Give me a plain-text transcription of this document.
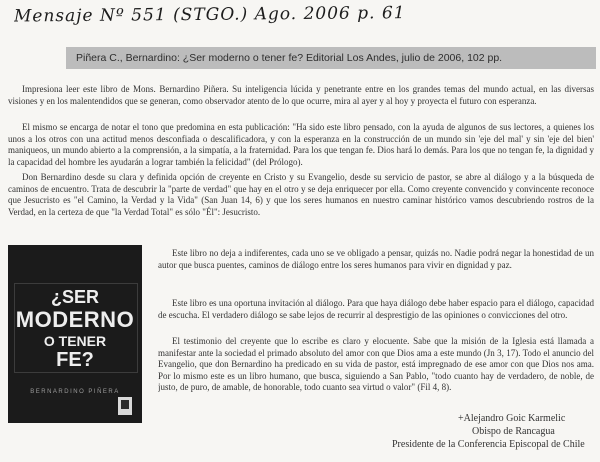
Mensaje Nº 551 (STGO.) Ago. 2006 p. 61
Piñera C., Bernardino: ¿Ser moderno o tener fe? Editorial Los Andes, julio de 2006, 102 pp.

Impresiona leer este libro de Mons. Bernardino Piñera. Su inteligencia lúcida y penetrante entre en los grandes temas del mundo actual, en las diversas visiones y en los malentendidos que se generan, como observador atento de lo que ocurre, mira al ayer y al hoy y proyecta el futuro con esperanza.

El mismo se encarga de notar el tono que predomina en esta publicación: "Ha sido este libro pensado, con la ayuda de algunos de sus lectores, a quienes los unos a los otros con una actitud menos desconfiada o descalificadora, y con la esperanza en la construcción de un mundo sin 'eje del mal' y sin 'eje del bien' maniqueos, un mundo abierto a la comprensión, a la simpatía, a la fraternidad. Para los que tengan fe. Dios hará lo demás. Para los que no tengan fe, la dignidad y la capacidad del hombre les ayudarán a lograr también la felicidad" (del Prólogo).

Don Bernardino desde su clara y definida opción de creyente en Cristo y su Evangelio, desde su servicio de pastor, se abre al diálogo y a la búsqueda de caminos de encuentro. Trata de descubrir la "parte de verdad" que hay en el otro y se deja enriquecer por ella. Como creyente convencido y convincente reconoce que Jesucristo es "el Camino, la Verdad y la Vida" (San Juan 14, 6) y que los seres humanos en nuestro caminar histórico vamos descubriendo rostros de la Verdad, en la certeza de que "la Verdad Total" es sólo "Él": Jesucristo.

¿SER
MODERNO
O TENER
FE?
BERNARDINO PIÑERA

Este libro no deja a indiferentes, cada uno se ve obligado a pensar, quizás no. Nadie podrá negar la honestidad de un autor que busca puentes, caminos de diálogo entre los seres humanos para vivir en dignidad y paz.

Este libro es una oportuna invitación al diálogo. Para que haya diálogo debe haber espacio para el diálogo, capacidad de escucha. El verdadero diálogo se sabe lejos de recurrir al desprestigio de las opiniones o convicciones del otro.

El testimonio del creyente que lo escribe es claro y elocuente. Sabe que la misión de la Iglesia está llamada a manifestar ante la sociedad el primado absoluto del amor con que Dios ama a este mundo (Jn 3, 17). Todo el anuncio del Evangelio, que don Bernardino ha predicado en su vida de pastor, está impregnado de ese amor con que Dios nos ama. Por lo mismo este es un libro humano, que busca, siguiendo a San Pablo, "todo cuanto hay de verdadero, de noble, de justo, de puro, de amable, de honorable, todo cuanto sea virtud o valor" (Fil 4, 8).

+Alejandro Goic Karmelic

Obispo de Rancagua

Presidente de la Conferencia Episcopal de Chile
